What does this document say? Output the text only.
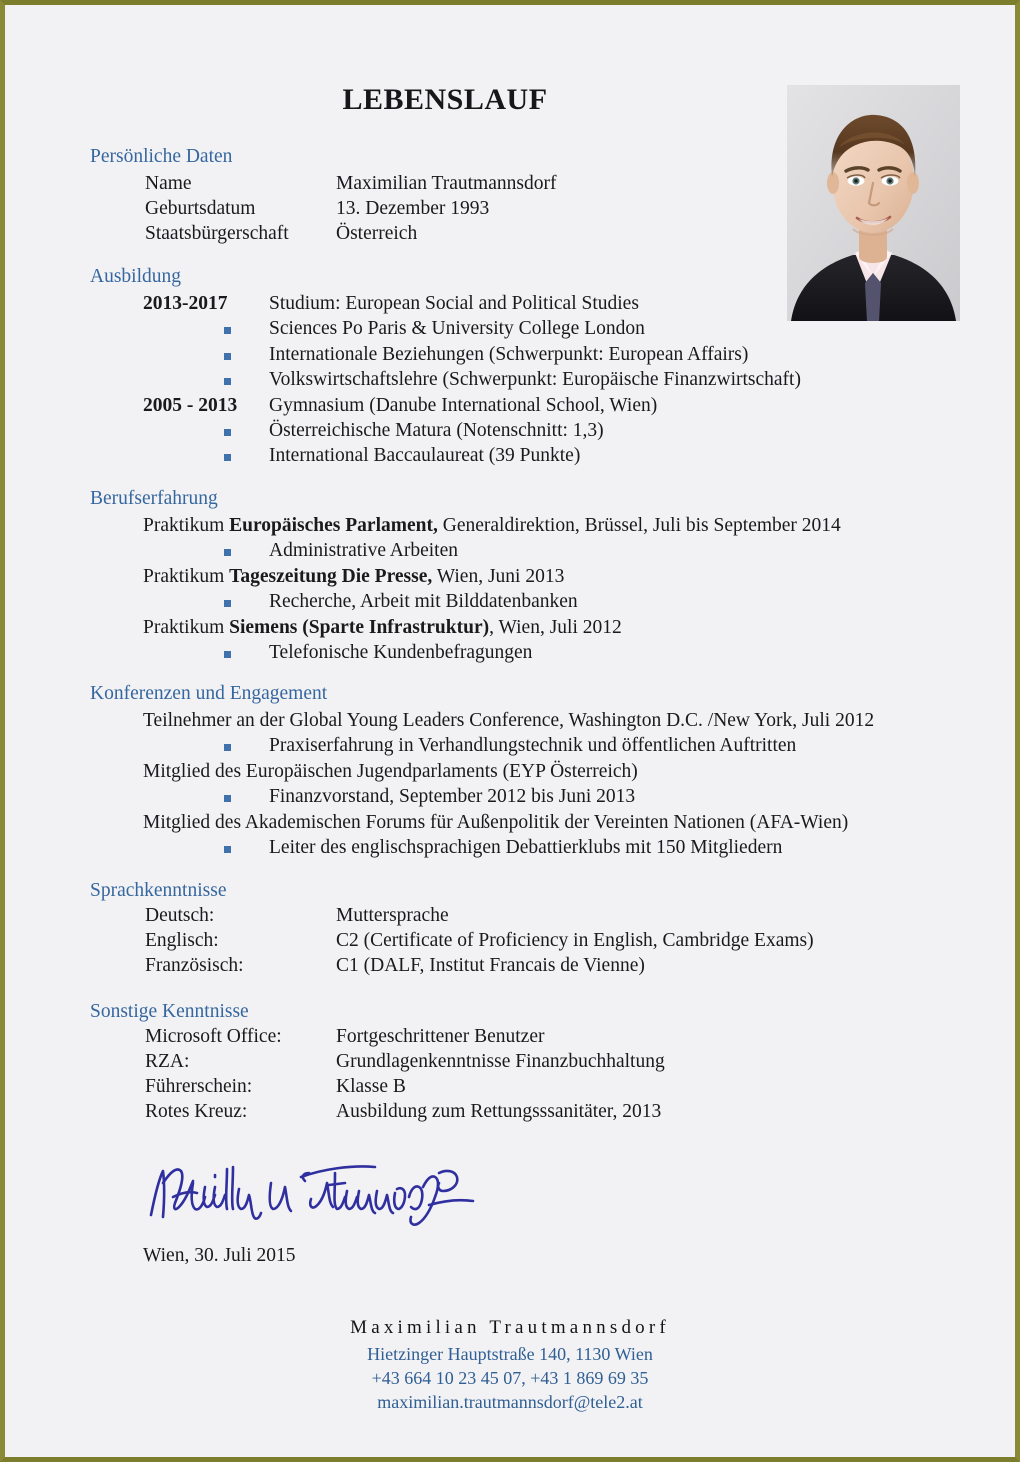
LEBENSLAUF
Persönliche Daten
Name	Maximilian Trautmannsdorf
Geburtsdatum	13. Dezember 1993
Staatsbürgerschaft Österreich
Ausbildung
2013-2017 Studium: European Social and Political Studies
Sciences Po Paris & University College London
Internationale Beziehungen (Schwerpunkt: European Affairs)
Volkswirtschaftslehre (Schwerpunkt: Europäische Finanzwirtschaft)
2005 - 2013 Gymnasium (Danube International School, Wien)
Österreichische Matura (Notenschnitt: 1,3)
International Baccaulaureat (39 Punkte)
Berufserfahrung
Praktikum Europäisches Parlament, Generaldirektion, Brüssel, Juli bis September 2014
Administrative Arbeiten
Praktikum Tageszeitung Die Presse, Wien, Juni 2013
Recherche, Arbeit mit Bilddatenbanken
Praktikum Siemens (Sparte Infrastruktur), Wien, Juli 2012
Telefonische Kundenbefragungen
Konferenzen und Engagement
Teilnehmer an der Global Young Leaders Conference, Washington D.C. /New York, Juli 2012
Praxiserfahrung in Verhandlungstechnik und öffentlichen Auftritten
Mitglied des Europäischen Jugendparlaments (EYP Österreich)
Finanzvorstand, September 2012 bis Juni 2013
Mitglied des Akademischen Forums für Außenpolitik der Vereinten Nationen (AFA-Wien)
Leiter des englischsprachigen Debattierklubs mit 150 Mitgliedern
Sprachkenntnisse
Deutsch:	Muttersprache
Englisch:	C2 (Certificate of Proficiency in English, Cambridge Exams)
Französisch:	C1 (DALF, Institut Francais de Vienne)
Sonstige Kenntnisse
Microsoft Office:	Fortgeschrittener Benutzer
RZA:	Grundlagenkenntnisse Finanzbuchhaltung
Führerschein:	Klasse B
Rotes Kreuz:	Ausbildung zum Rettungsssanitäter, 2013
Wien, 30. Juli 2015
Maximilian Trautmannsdorf
Hietzinger Hauptstraße 140, 1130 Wien
+43 664 10 23 45 07, +43 1 869 69 35
maximilian.trautmannsdorf@tele2.at
